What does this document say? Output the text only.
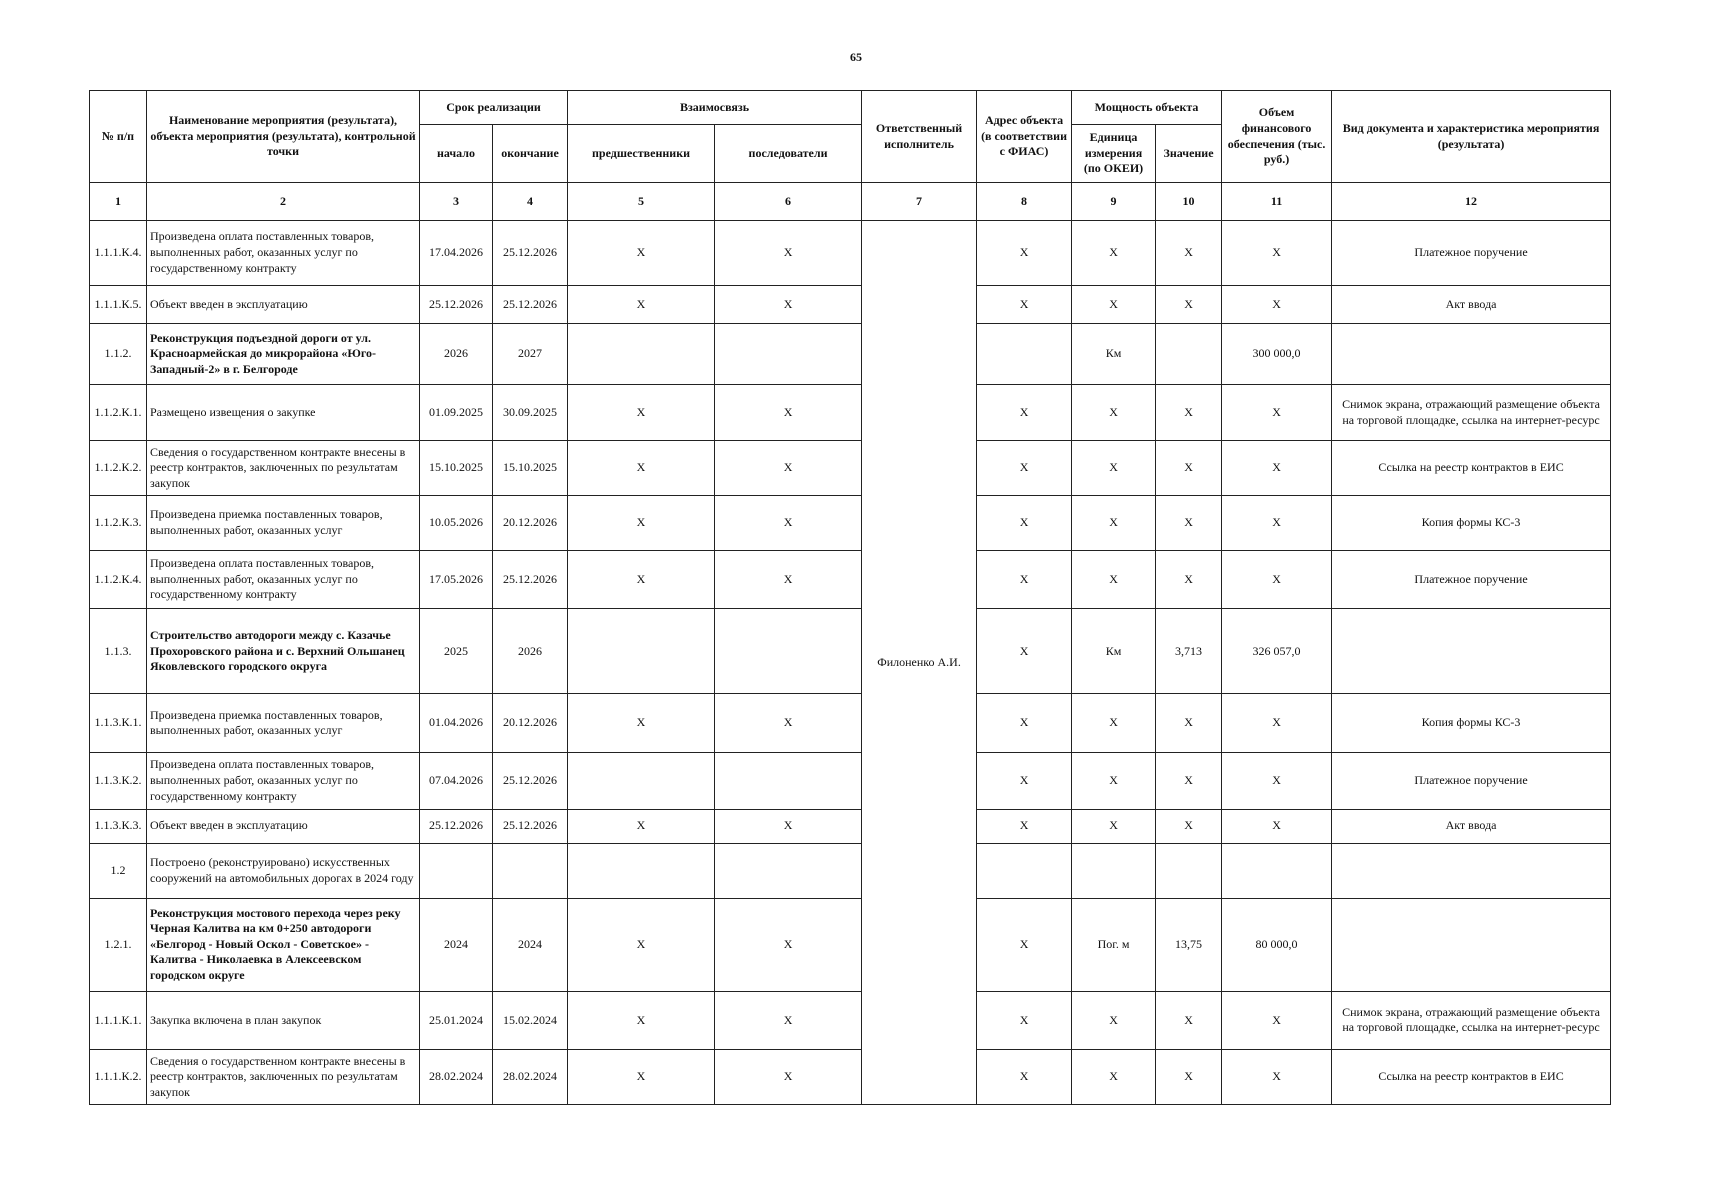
65
№ п/п	Наименование мероприятия (результата), объекта мероприятия (результата), контрольной точки	Срок реализации		Взаимосвязь		Ответственный исполнитель	Адрес объекта (в соответствии с ФИАС)	Мощность объекта		Объем финансового обеспечения (тыс. руб.)	Вид документа и характеристика мероприятия (результата)
		начало	окончание	предшественники	последователи			Единица измерения (по ОКЕИ)	Значение		
1	2	3	4	5	6	7	8	9	10	11	12
1.1.1.К.4.	Произведена оплата поставленных товаров, выполненных работ, оказанных услуг по государственному контракту	17.04.2026	25.12.2026	X	X	Филоненко А.И.	X	X	X	X	Платежное поручение
1.1.1.К.5.	Объект введен в эксплуатацию	25.12.2026	25.12.2026	X	X		X	X	X	X	Акт ввода
1.1.2.	Реконструкция подъездной дороги от ул. Красноармейская до микрорайона «Юго-Западный-2» в г. Белгороде	2026	2027					Км		300 000,0	
1.1.2.К.1.	Размещено извещения о закупке	01.09.2025	30.09.2025	X	X		X	X	X	X	Снимок экрана, отражающий размещение объекта на торговой площадке, ссылка на интернет-ресурс
1.1.2.К.2.	Сведения о государственном контракте внесены в реестр контрактов, заключенных по результатам закупок	15.10.2025	15.10.2025	X	X		X	X	X	X	Ссылка на реестр контрактов в ЕИС
1.1.2.К.3.	Произведена приемка поставленных товаров, выполненных работ, оказанных услуг	10.05.2026	20.12.2026	X	X		X	X	X	X	Копия формы КС-3
1.1.2.К.4.	Произведена оплата поставленных товаров, выполненных работ, оказанных услуг по государственному контракту	17.05.2026	25.12.2026	X	X		X	X	X	X	Платежное поручение
1.1.3.	Строительство автодороги между с. Казачье Прохоровского района и с. Верхний Ольшанец Яковлевского городского округа	2025	2026				X	Км	3,713	326 057,0	
1.1.3.К.1.	Произведена приемка поставленных товаров, выполненных работ, оказанных услуг	01.04.2026	20.12.2026	X	X		X	X	X	X	Копия формы КС-3
1.1.3.К.2.	Произведена оплата поставленных товаров, выполненных работ, оказанных услуг по государственному контракту	07.04.2026	25.12.2026				X	X	X	X	Платежное поручение
1.1.3.К.3.	Объект введен в эксплуатацию	25.12.2026	25.12.2026	X	X		X	X	X	X	Акт ввода
1.2	Построено (реконструировано) искусственных сооружений на автомобильных дорогах в 2024 году										
1.2.1.	Реконструкция мостового перехода через реку Черная Калитва на км 0+250 автодороги «Белгород - Новый Оскол - Советское» - Калитва - Николаевка в Алексеевском городском округе	2024	2024	X	X		X	Пог. м	13,75	80 000,0	
1.1.1.К.1.	Закупка включена в план закупок	25.01.2024	15.02.2024	X	X		X	X	X	X	Снимок экрана, отражающий размещение объекта на торговой площадке, ссылка на интернет-ресурс
1.1.1.К.2.	Сведения о государственном контракте внесены в реестр контрактов, заключенных по результатам закупок	28.02.2024	28.02.2024	X	X		X	X	X	X	Ссылка на реестр контрактов в ЕИС
